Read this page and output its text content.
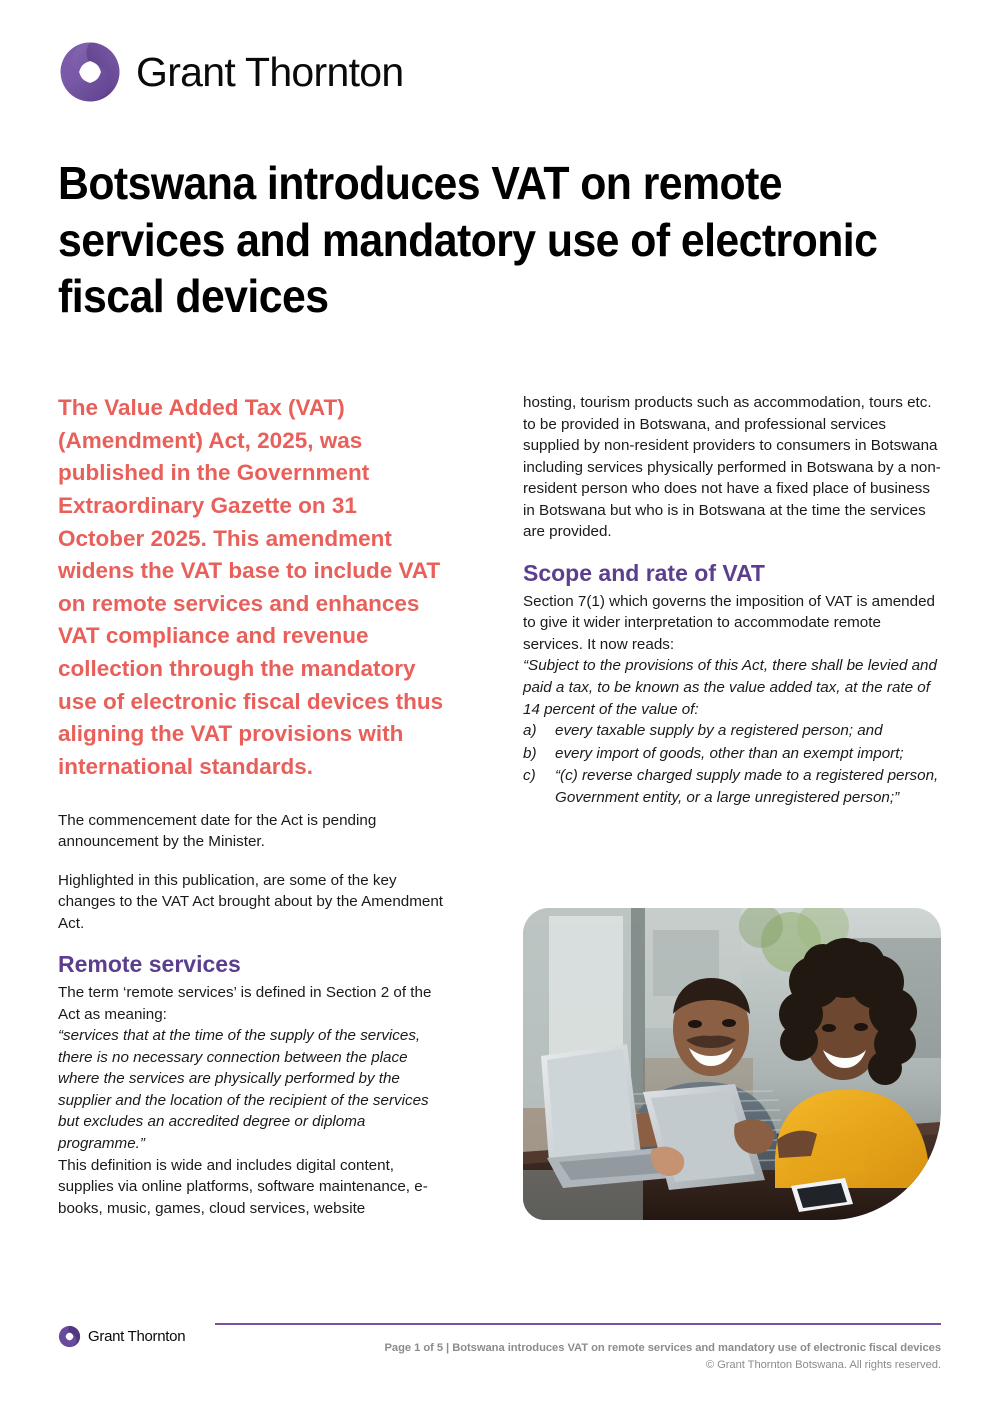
Grant Thornton
Botswana introduces VAT on remote services and mandatory use of electronic fiscal devices

The Value Added Tax (VAT) (Amendment) Act, 2025, was published in the Government Extraordinary Gazette on 31 October 2025. This amendment widens the VAT base to include VAT on remote services and enhances VAT compliance and revenue collection through the mandatory use of electronic fiscal devices thus aligning the VAT provisions with international standards.

The commencement date for the Act is pending announcement by the Minister.

Highlighted in this publication, are some of the key changes to the VAT Act brought about by the Amendment Act.

Remote services

The term ‘remote services’ is defined in Section 2 of the Act as meaning:

“services that at the time of the supply of the services, there is no necessary connection between the place where the services are physically performed by the supplier and the location of the recipient of the services but excludes an accredited degree or diploma programme.”

This definition is wide and includes digital content, supplies via online platforms, software maintenance, e-books, music, games, cloud services, website

hosting, tourism products such as accommodation, tours etc. to be provided in Botswana, and professional services supplied by non-resident providers to consumers in Botswana including services physically performed in Botswana by a non-resident person who does not have a fixed place of business in Botswana but who is in Botswana at the time the services are provided.

Scope and rate of VAT

Section 7(1) which governs the imposition of VAT is amended to give it wider interpretation to accommodate remote services. It now reads:

“Subject to the provisions of this Act, there shall be levied and paid a tax, to be known as the value added tax, at the rate of 14 percent of the value of:

a)	every taxable supply by a registered person; and
b)	every import of goods, other than an exempt import;
c)	“(c) reverse charged supply made to a registered person, Government entity, or a large unregistered person;”
Grant Thornton
Page 1 of 5 | Botswana introduces VAT on remote services and mandatory use of electronic fiscal devices
© Grant Thornton Botswana. All rights reserved.
